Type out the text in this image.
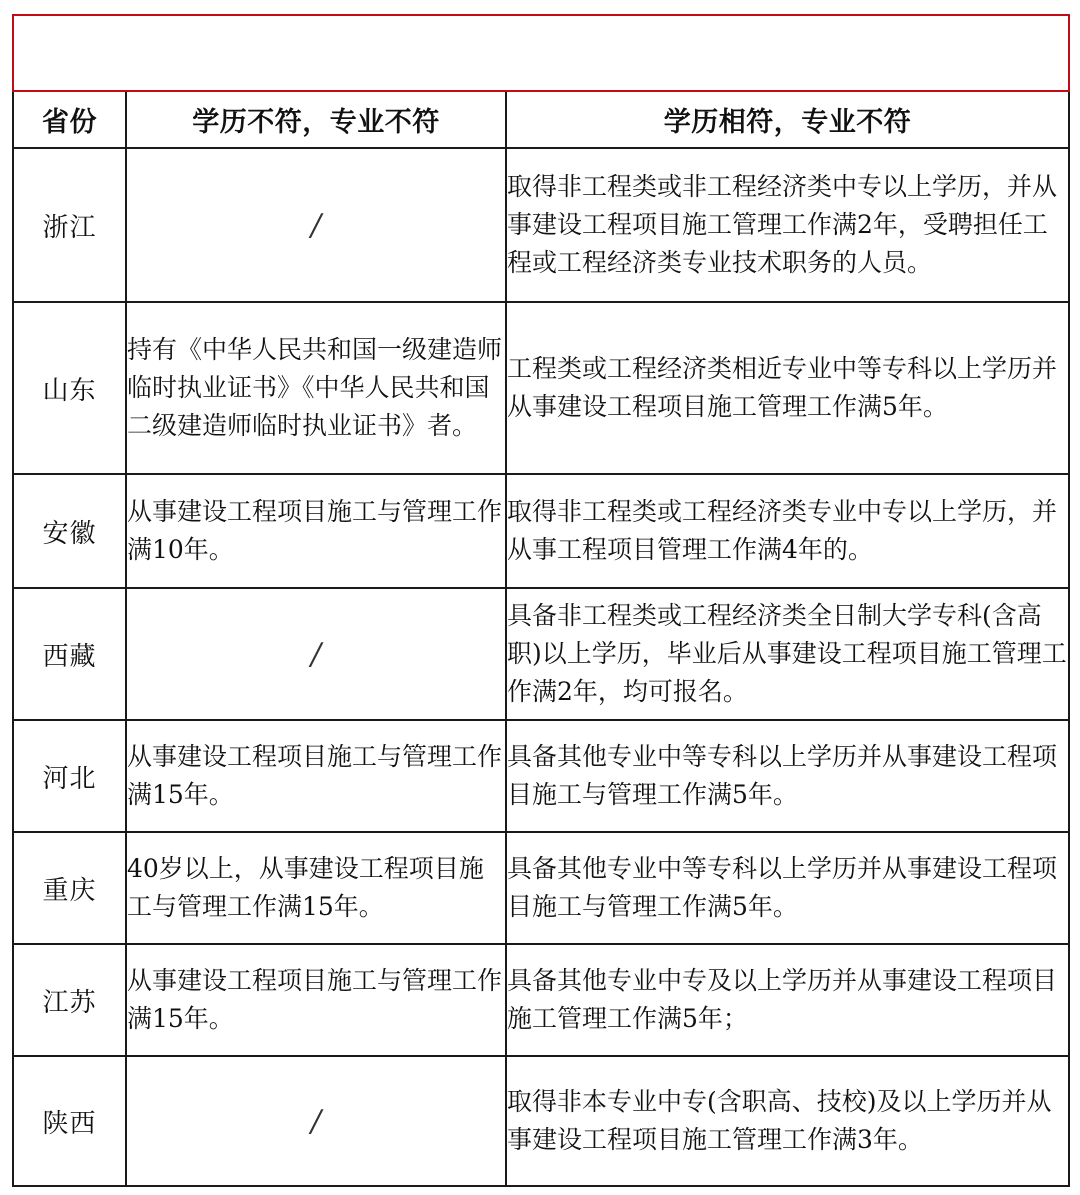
2020年非工程类专业能考二级建造师的省份		
省份	学历不符，专业不符	学历相符，专业不符
浙江	/	取得非工程类或非工程经济类中专以上学历，并从事建设工程项目施工管理工作满2年，受聘担任工程或工程经济类专业技术职务的人员。

山东	持有《中华人民共和国一级建造师临时执业证书》《中华人民共和国二级建造师临时执业证书》者。	工程类或工程经济类相近专业中等专科以上学历并从事建设工程项目施工管理工作满5年。

安徽	从事建设工程项目施工与管理工作满10年。	取得非工程类或工程经济类专业中专以上学历，并从事工程项目管理工作满4年的。

西藏	/	具备非工程类或工程经济类全日制大学专科(含高职)以上学历，毕业后从事建设工程项目施工管理工作满2年，均可报名。

河北	从事建设工程项目施工与管理工作满15年。	具备其他专业中等专科以上学历并从事建设工程项目施工与管理工作满5年。

重庆	40岁以上，从事建设工程项目施工与管理工作满15年。	具备其他专业中等专科以上学历并从事建设工程项目施工与管理工作满5年。

江苏	从事建设工程项目施工与管理工作满15年。	具备其他专业中专及以上学历并从事建设工程项目施工管理工作满5年；

陕西	/	取得非本专业中专(含职高、技校)及以上学历并从事建设工程项目施工管理工作满3年。
